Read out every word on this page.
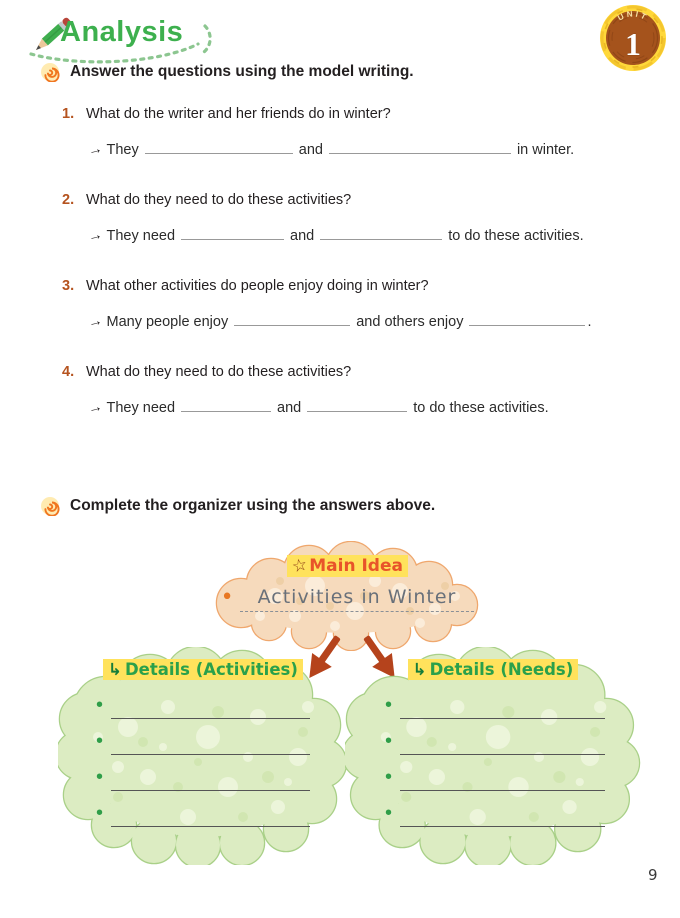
Analysis	UNIT
1
Answer the questions using the model writing.
1. What do the writer and her friends do in winter?
→ They	and	in winter.
2. What do they need to do these activities?
→ They need	and	to do these activities.
3. What other activities do people enjoy doing in winter?
→ Many people enjoy	and others enjoy	.
4. What do they need to do these activities?
→ They need	and	to do these activities.
Complete the organizer using the answers above.
☆Main Idea
• Activities in Winter
↳ Details (Activities)
•
•
•
•
↳ Details (Needs)
•
•
•
•
9
